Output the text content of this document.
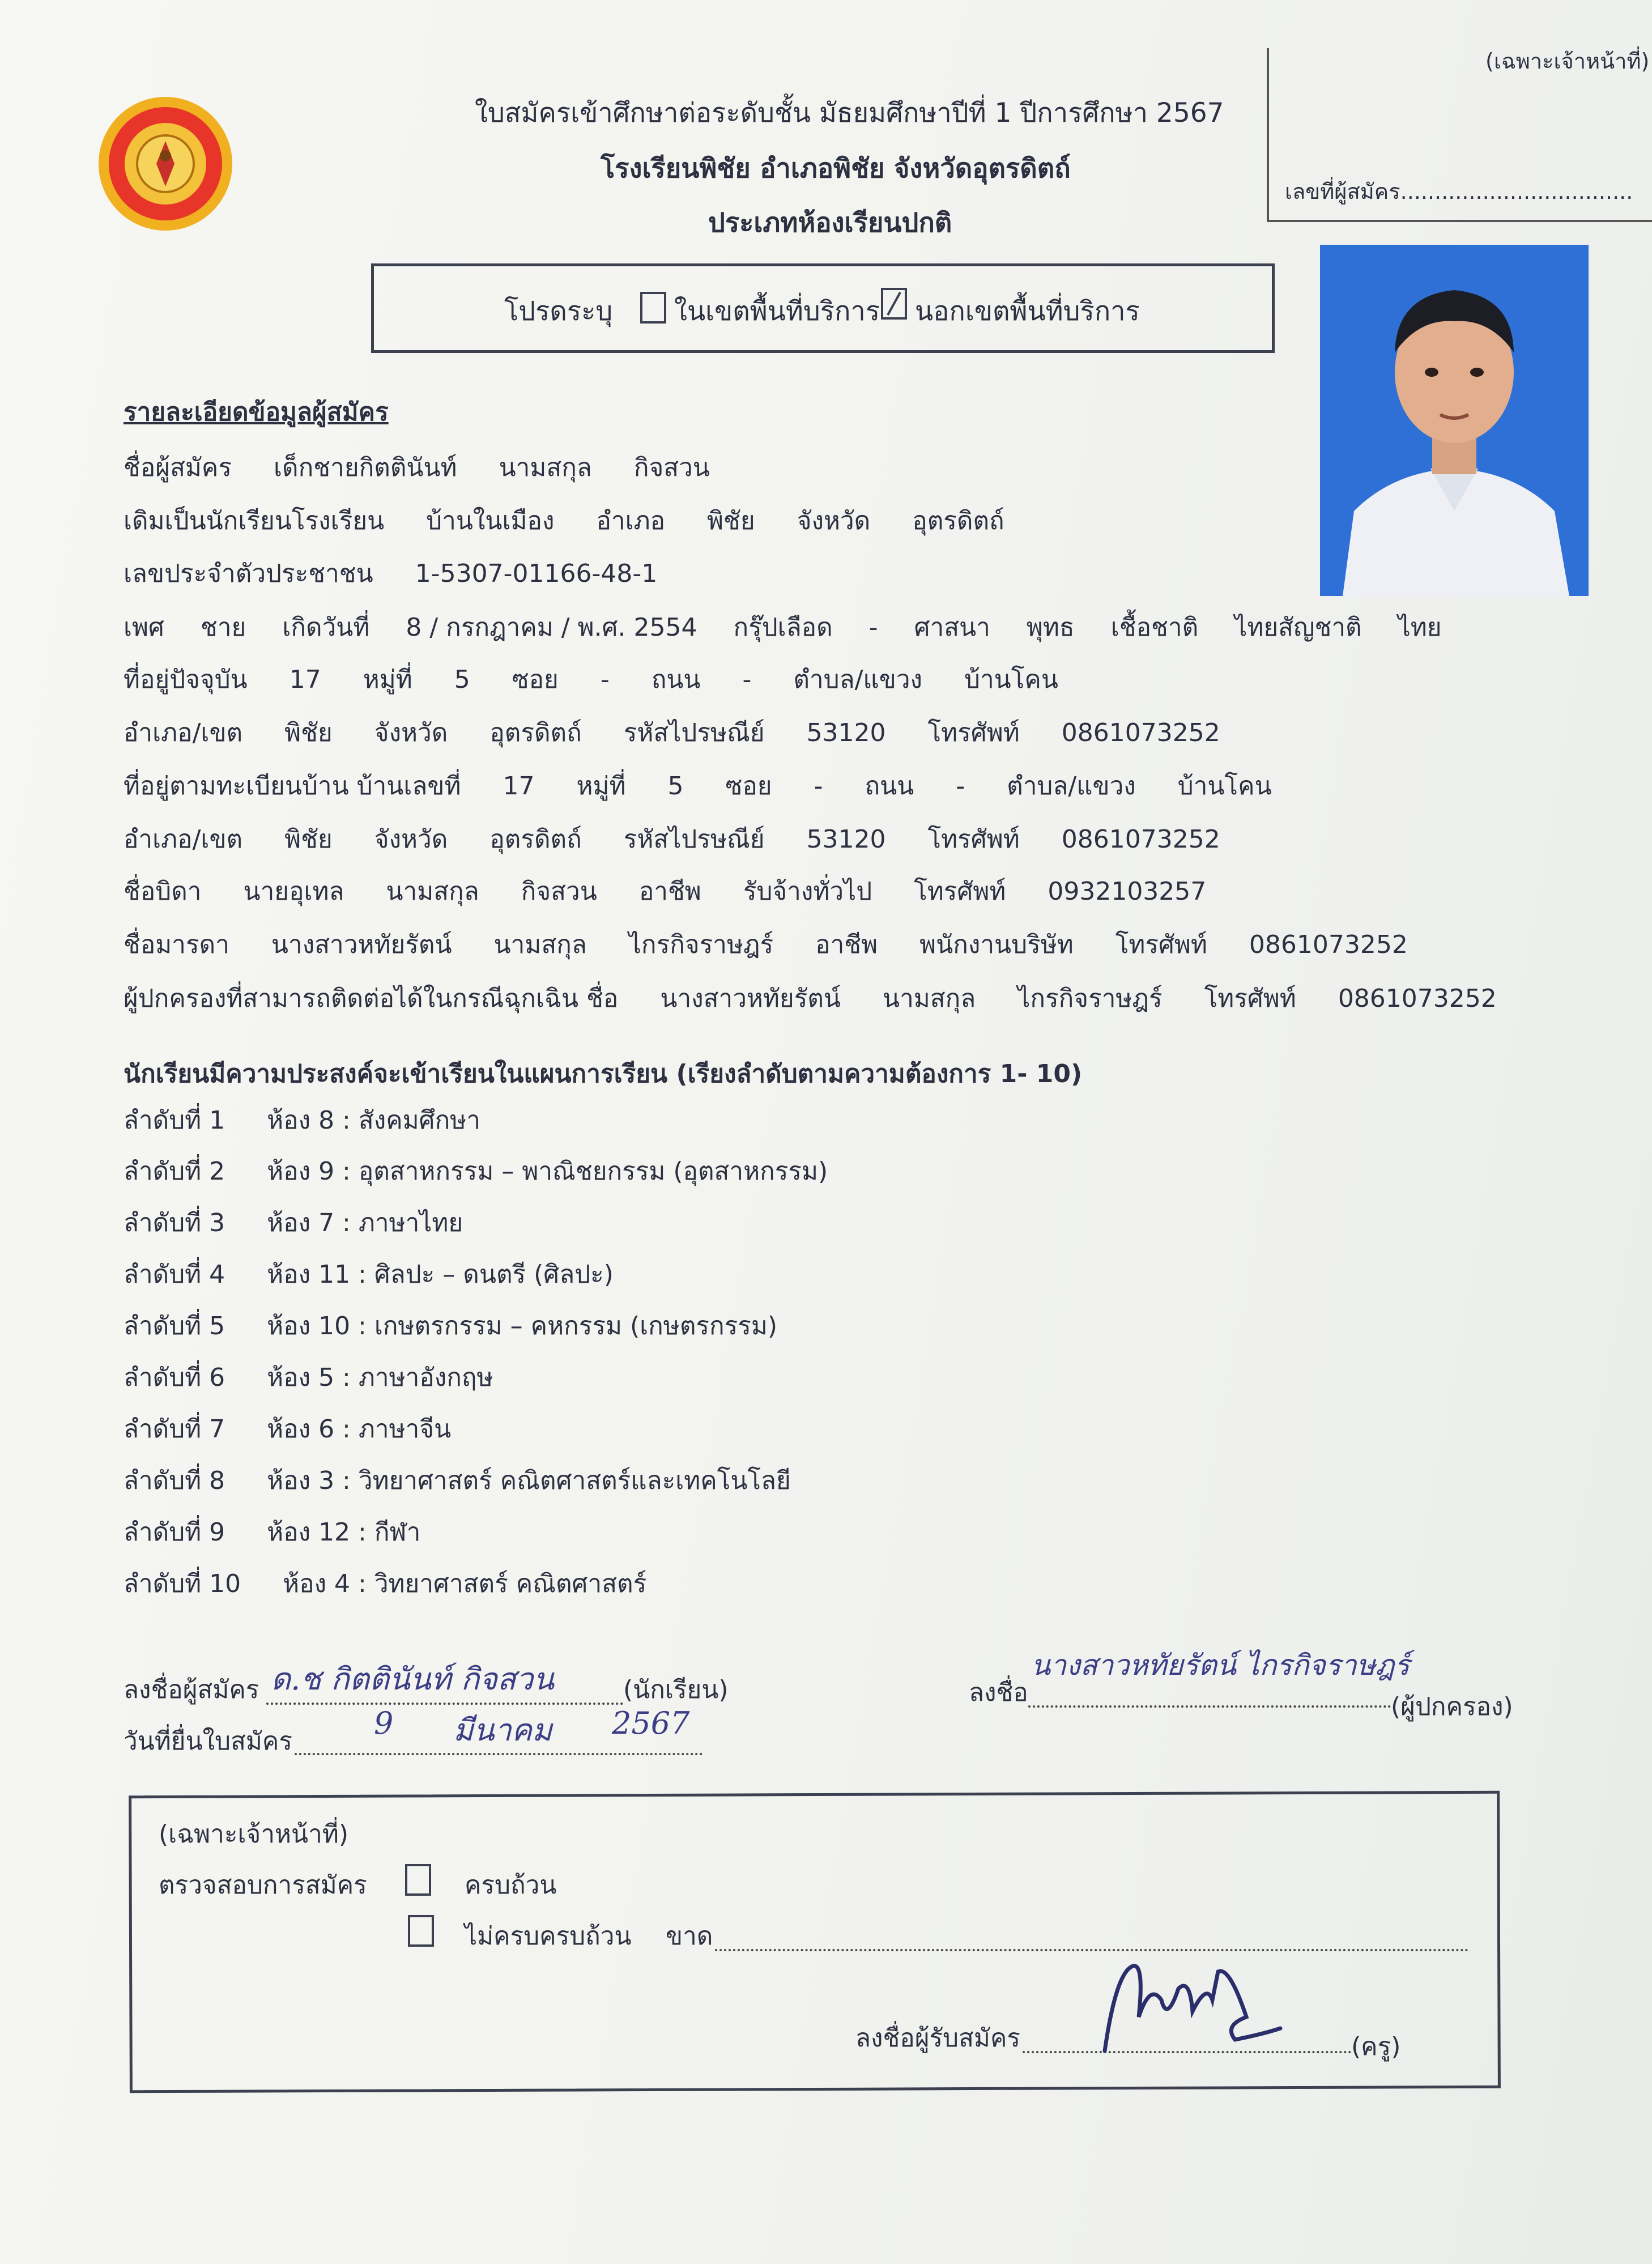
(เฉพาะเจ้าหน้าที่)
เลขที่ผู้สมัคร..................................
ใบสมัครเข้าศึกษาต่อระดับชั้น มัธยมศึกษาปีที่ 1 ปีการศึกษา 2567
โรงเรียนพิชัย อำเภอพิชัย จังหวัดอุตรดิตถ์
ประเภทห้องเรียนปกติ
โปรดระบุ ในเขตพื้นที่บริการ นอกเขตพื้นที่บริการ
รายละเอียดข้อมูลผู้สมัคร
ชื่อผู้สมัคร เด็กชายกิตตินันท์ นามสกุล กิจสวน
เดิมเป็นนักเรียนโรงเรียน บ้านในเมือง อำเภอ พิชัย จังหวัด อุตรดิตถ์
เลขประจำตัวประชาชน 1-5307-01166-48-1
เพศ ชาย เกิดวันที่ 8 / กรกฎาคม / พ.ศ. 2554 กรุ๊ปเลือด - ศาสนา พุทธ เชื้อชาติ ไทยสัญชาติ ไทย
ที่อยู่ปัจจุบัน 17 หมู่ที่ 5 ซอย - ถนน - ตำบล/แขวง บ้านโคน
อำเภอ/เขต พิชัย จังหวัด อุตรดิตถ์ รหัสไปรษณีย์ 53120 โทรศัพท์ 0861073252
ที่อยู่ตามทะเบียนบ้าน บ้านเลขที่ 17 หมู่ที่ 5 ซอย - ถนน - ตำบล/แขวง บ้านโคน
อำเภอ/เขต พิชัย จังหวัด อุตรดิตถ์ รหัสไปรษณีย์ 53120 โทรศัพท์ 0861073252
ชื่อบิดา นายอุเทล นามสกุล กิจสวน อาชีพ รับจ้างทั่วไป โทรศัพท์ 0932103257
ชื่อมารดา นางสาวหทัยรัตน์ นามสกุล ไกรกิจราษฎร์ อาชีพ พนักงานบริษัท โทรศัพท์ 0861073252
ผู้ปกครองที่สามารถติดต่อได้ในกรณีฉุกเฉิน ชื่อ นางสาวหทัยรัตน์ นามสกุล ไกรกิจราษฎร์ โทรศัพท์ 0861073252
นักเรียนมีความประสงค์จะเข้าเรียนในแผนการเรียน (เรียงลำดับตามความต้องการ 1- 10)
ลำดับที่ 1 ห้อง 8 : สังคมศึกษา
ลำดับที่ 2 ห้อง 9 : อุตสาหกรรม – พาณิชยกรรม (อุตสาหกรรม)
ลำดับที่ 3 ห้อง 7 : ภาษาไทย
ลำดับที่ 4 ห้อง 11 : ศิลปะ – ดนตรี (ศิลปะ)
ลำดับที่ 5 ห้อง 10 : เกษตรกรรม – คหกรรม (เกษตรกรรม)
ลำดับที่ 6 ห้อง 5 : ภาษาอังกฤษ
ลำดับที่ 7 ห้อง 6 : ภาษาจีน
ลำดับที่ 8 ห้อง 3 : วิทยาศาสตร์ คณิตศาสตร์และเทคโนโลยี
ลำดับที่ 9 ห้อง 12 : กีฬา
ลำดับที่ 10 ห้อง 4 : วิทยาศาสตร์ คณิตศาสตร์
ลงชื่อผู้สมัคร ด.ช กิตตินันท์ กิจสวน	(นักเรียน)
วันที่ยื่นใบสมัคร
9 มีนาคม 2567
ลงชื่อ
นางสาวหทัยรัตน์ ไกรกิจราษฎร์
(ผู้ปกครอง)
(เฉพาะเจ้าหน้าที่)
ตรวจสอบการสมัคร	ครบถ้วน
ไม่ครบครบถ้วน ขาด
ลงชื่อผู้รับสมัคร	(ครู)
